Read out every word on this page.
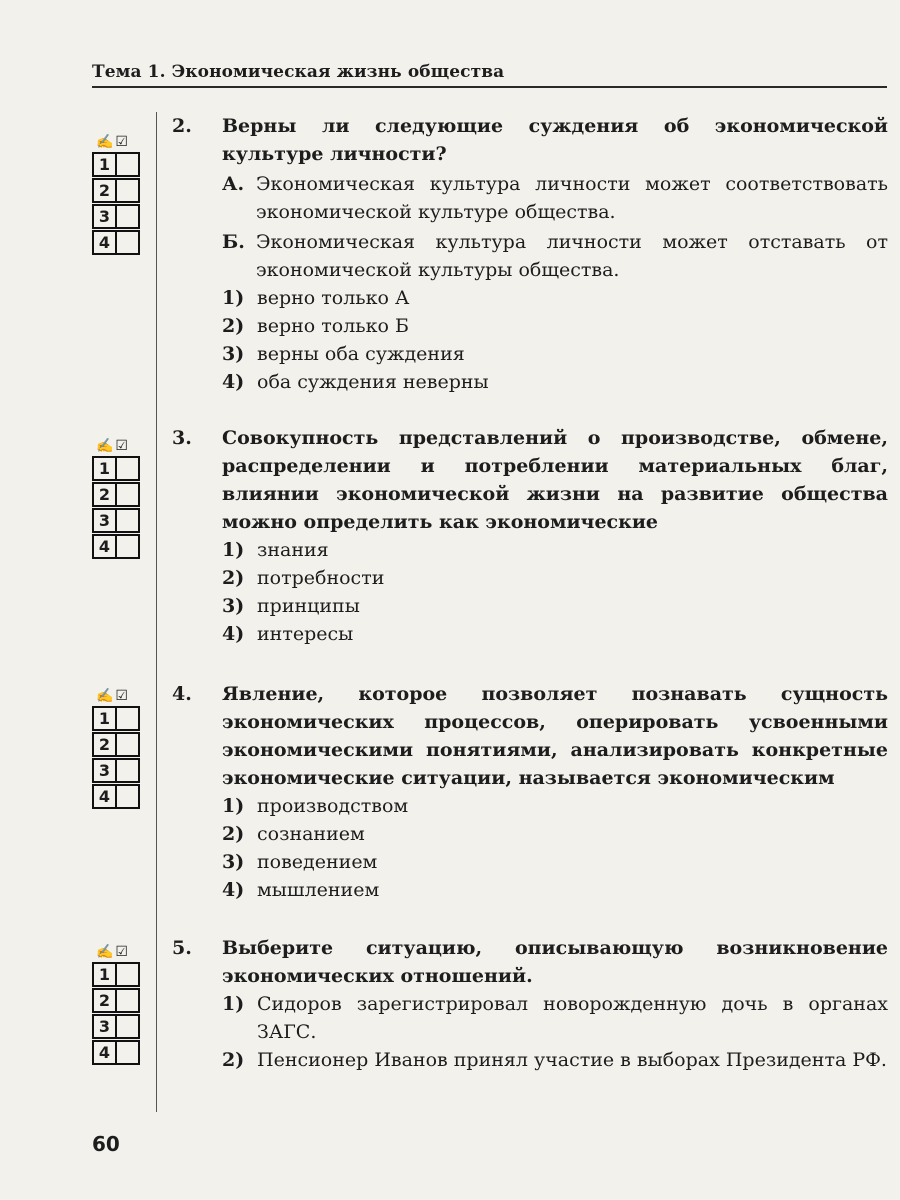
Тема 1. Экономическая жизнь общества
✍☑
1
2
3
4
✍☑
1
2
3
4
✍☑
1
2
3
4
✍☑
1
2
3
4
2.	Верны ли следующие суждения об экономической культуре личности?
А. Экономическая культура личности может соответствовать экономической культуре общества.
Б. Экономическая культура личности может отставать от экономической культуры общества.
1) верно только А
2) верно только Б
3) верны оба суждения
4) оба суждения неверны
3.	Совокупность представлений о производстве, обмене, распределении и потреблении материальных благ, влиянии экономической жизни на развитие общества можно определить как экономические
1) знания
2) потребности
3) принципы
4) интересы
4.	Явление, которое позволяет познавать сущность экономических процессов, оперировать усвоенными экономическими понятиями, анализировать конкретные экономические ситуации, называется экономическим
1) производством
2) сознанием
3) поведением
4) мышлением
5.	Выберите ситуацию, описывающую возникновение экономических отношений.
1) Сидоров зарегистрировал новорожденную дочь в органах ЗАГС.
2) Пенсионер Иванов принял участие в выборах Президента РФ.
60
